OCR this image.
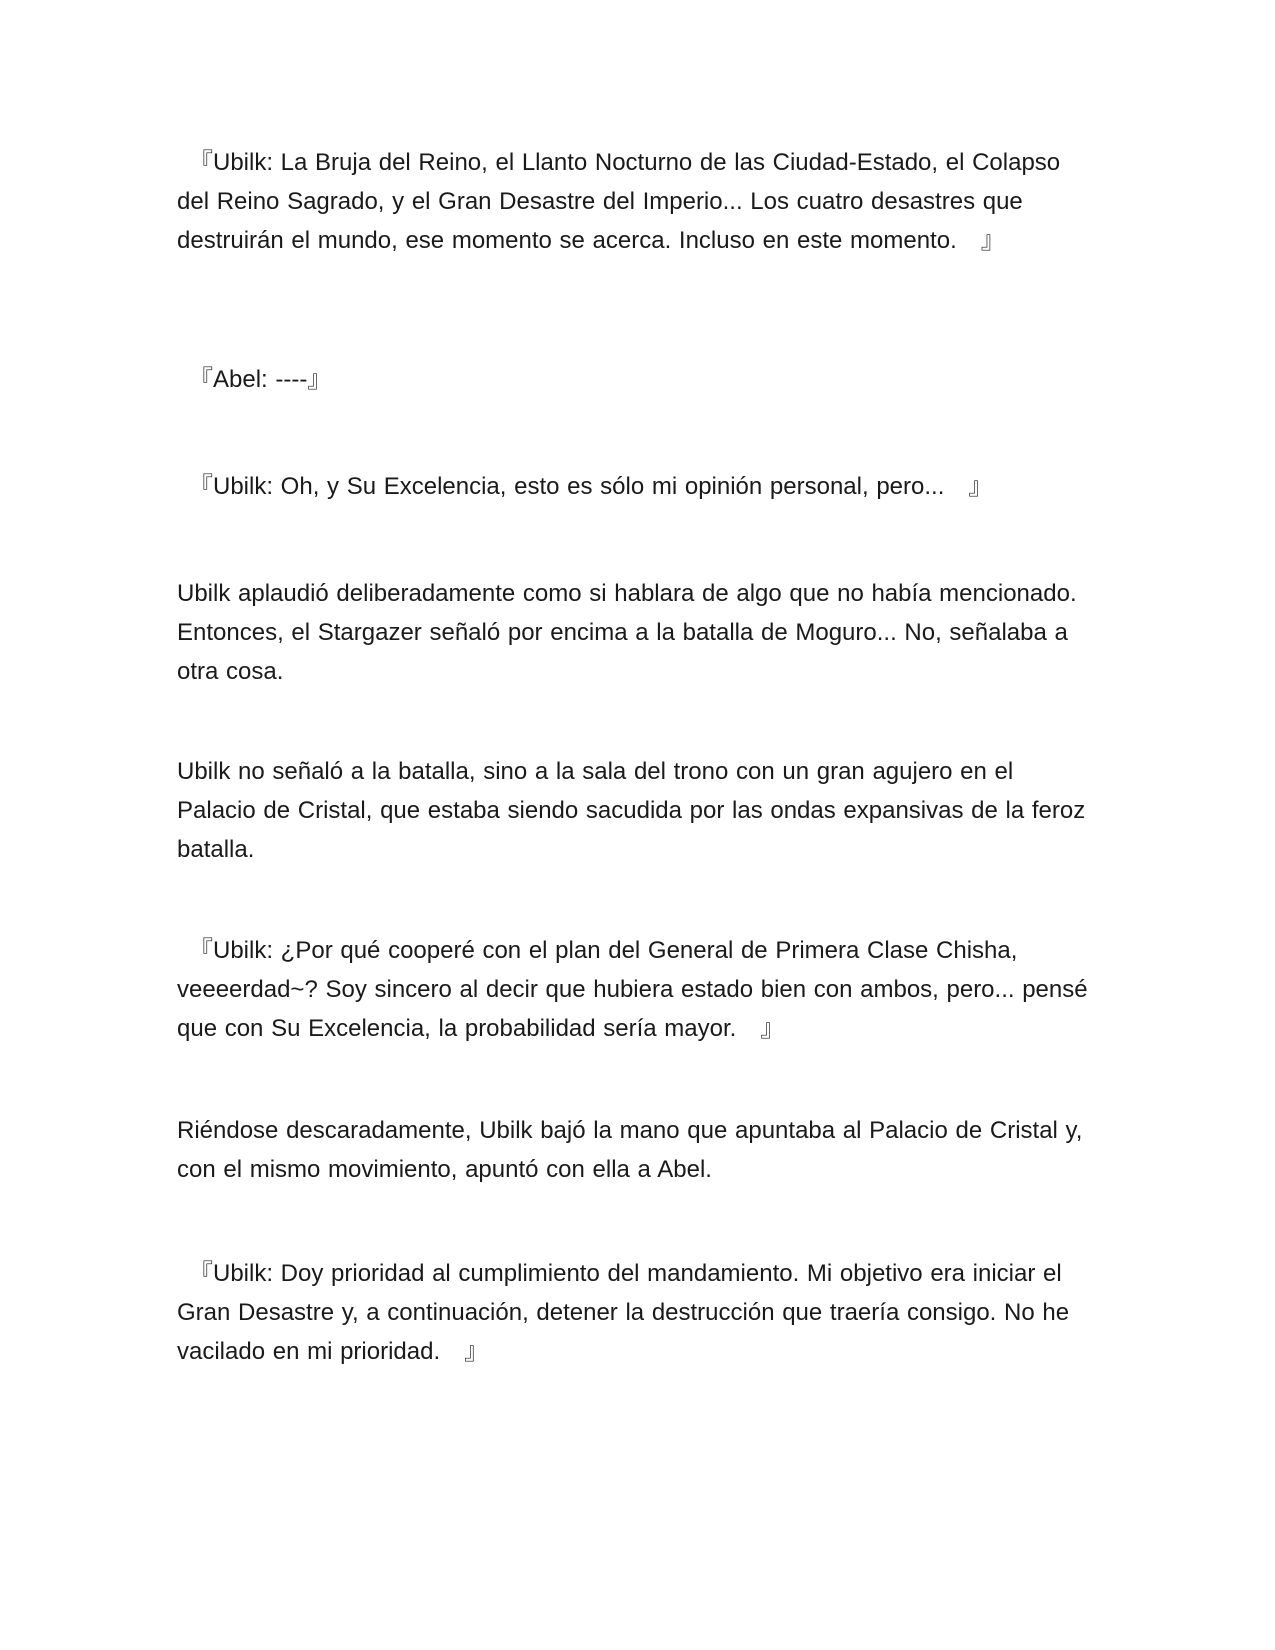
　『Ubilk: La Bruja del Reino, el Llanto Nocturno de las Ciudad-Estado, el Colapso del Reino Sagrado, y el Gran Desastre del Imperio... Los cuatro desastres que destruirán el mundo, ese momento se acerca. Incluso en este momento.　』

　『Abel: ----』

　『Ubilk: Oh, y Su Excelencia, esto es sólo mi opinión personal, pero...　』

Ubilk aplaudió deliberadamente como si hablara de algo que no había mencionado. Entonces, el Stargazer señaló por encima a la batalla de Moguro... No, señalaba a otra cosa.

Ubilk no señaló a la batalla, sino a la sala del trono con un gran agujero en el Palacio de Cristal, que estaba siendo sacudida por las ondas expansivas de la feroz batalla.

　『Ubilk: ¿Por qué cooperé con el plan del General de Primera Clase Chisha, veeeerdad~? Soy sincero al decir que hubiera estado bien con ambos, pero... pensé que con Su Excelencia, la probabilidad sería mayor.　』

Riéndose descaradamente, Ubilk bajó la mano que apuntaba al Palacio de Cristal y, con el mismo movimiento, apuntó con ella a Abel.

　『Ubilk: Doy prioridad al cumplimiento del mandamiento. Mi objetivo era iniciar el Gran Desastre y, a continuación, detener la destrucción que traería consigo. No he vacilado en mi prioridad.　』
